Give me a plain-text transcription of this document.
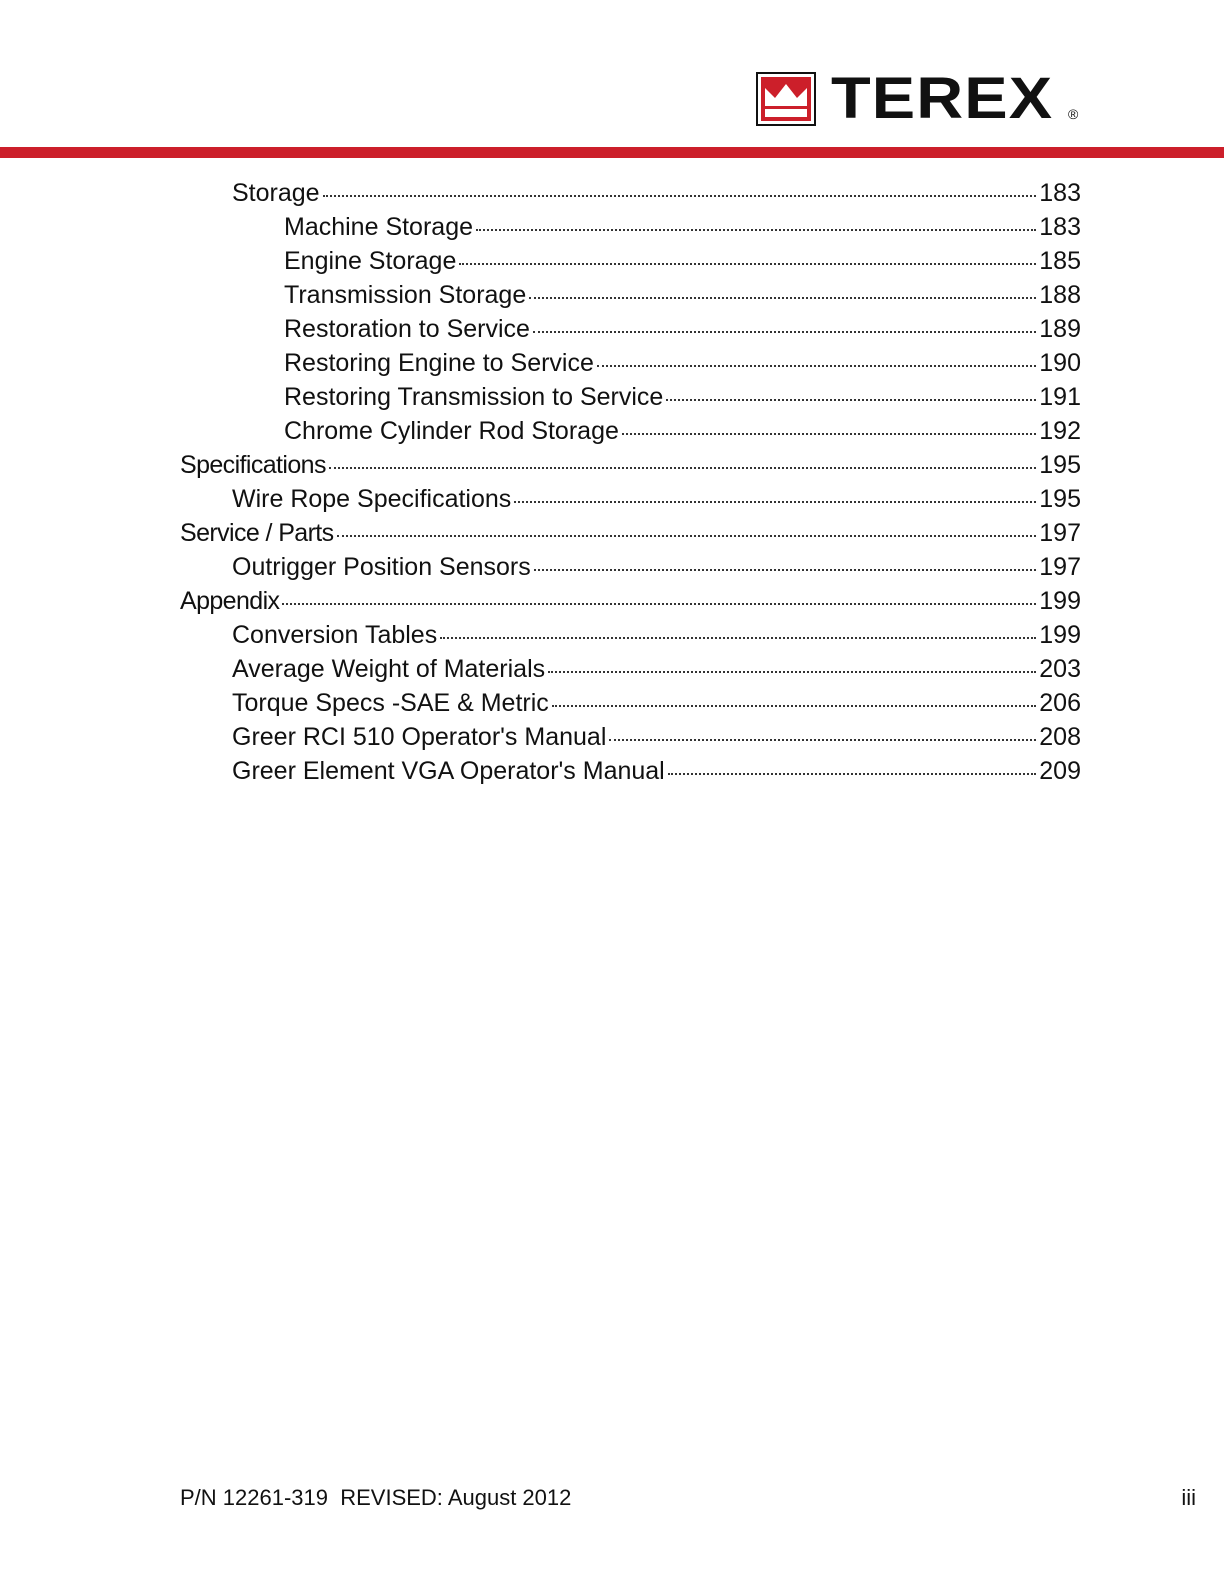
TEREX ®
Storage	183
Machine Storage	183
Engine Storage	185
Transmission Storage	188
Restoration to Service	189
Restoring Engine to Service	190
Restoring Transmission to Service	191
Chrome Cylinder Rod Storage	192
Specifications	195
Wire Rope Specifications	195
Service / Parts	197
Outrigger Position Sensors	197
Appendix	199
Conversion Tables	199
Average Weight of Materials	203
Torque Specs -SAE & Metric	206
Greer RCI 510 Operator's Manual	208
Greer Element VGA Operator's Manual	209
P/N 12261-319  REVISED: August 2012	iii
